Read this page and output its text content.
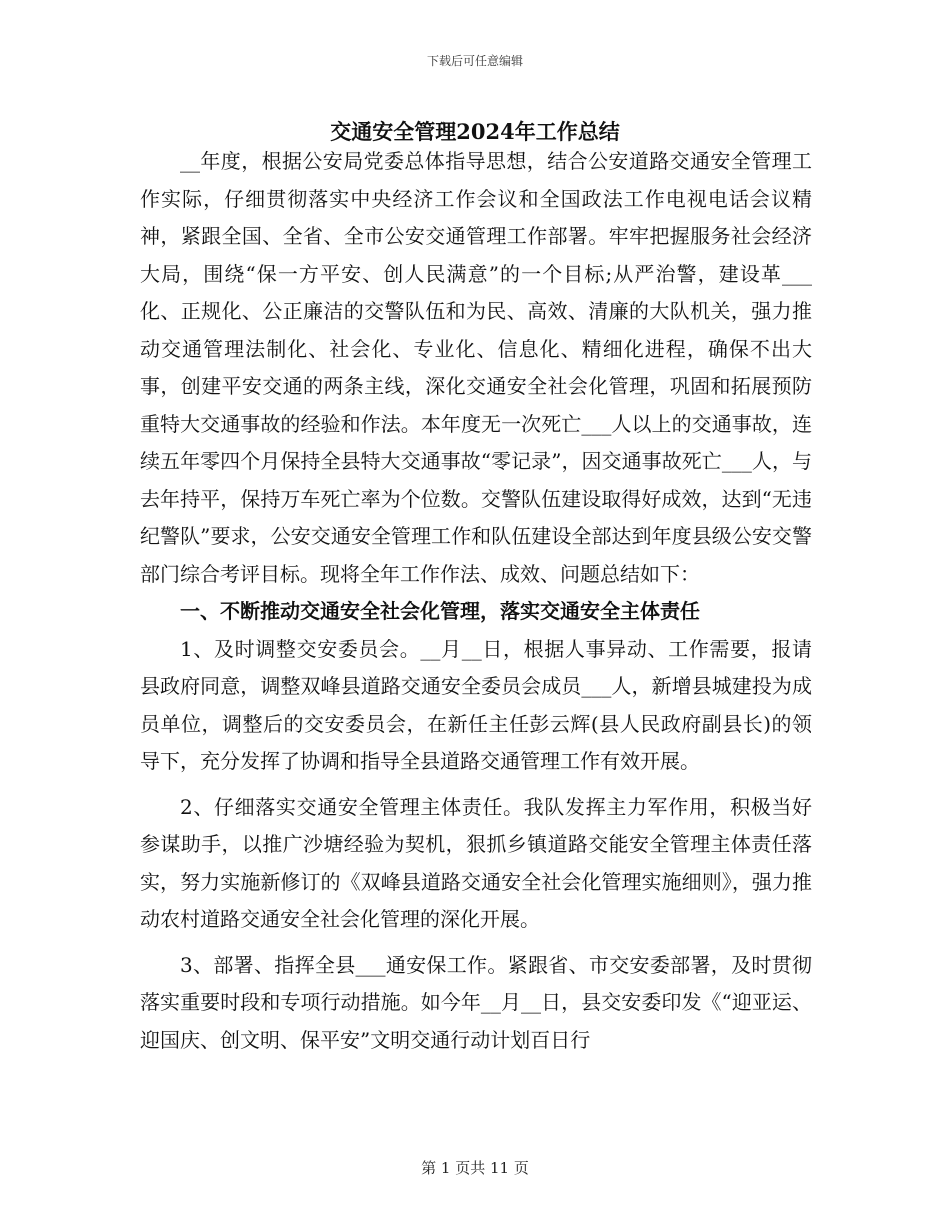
下载后可任意编辑
交通安全管理2024年工作总结

__年度，根据公安局党委总体指导思想，结合公安道路交通安全管理工作实际，仔细贯彻落实中央经济工作会议和全国政法工作电视电话会议精神，紧跟全国、全省、全市公安交通管理工作部署。牢牢把握服务社会经济大局，围绕“保一方平安、创人民满意”的一个目标;从严治警，建设革___化、正规化、公正廉洁的交警队伍和为民、高效、清廉的大队机关，强力推动交通管理法制化、社会化、专业化、信息化、精细化进程，确保不出大事，创建平安交通的两条主线，深化交通安全社会化管理，巩固和拓展预防重特大交通事故的经验和作法。本年度无一次死亡___人以上的交通事故，连续五年零四个月保持全县特大交通事故“零记录”，因交通事故死亡___人，与去年持平，保持万车死亡率为个位数。交警队伍建设取得好成效，达到“无违纪警队”要求，公安交通安全管理工作和队伍建设全部达到年度县级公安交警部门综合考评目标。现将全年工作作法、成效、问题总结如下：

一、不断推动交通安全社会化管理，落实交通安全主体责任

1、及时调整交安委员会。__月__日，根据人事异动、工作需要，报请县政府同意，调整双峰县道路交通安全委员会成员___人，新增县城建投为成员单位，调整后的交安委员会，在新任主任彭云辉(县人民政府副县长)的领导下，充分发挥了协调和指导全县道路交通管理工作有效开展。

2、仔细落实交通安全管理主体责任。我队发挥主力军作用，积极当好参谋助手，以推广沙塘经验为契机，狠抓乡镇道路交能安全管理主体责任落实，努力实施新修订的《双峰县道路交通安全社会化管理实施细则》，强力推动农村道路交通安全社会化管理的深化开展。

3、部署、指挥全县___通安保工作。紧跟省、市交安委部署，及时贯彻落实重要时段和专项行动措施。如今年__月__日，县交安委印发《“迎亚运、迎国庆、创文明、保平安”文明交通行动计划百日行

第 1 页共 11 页
